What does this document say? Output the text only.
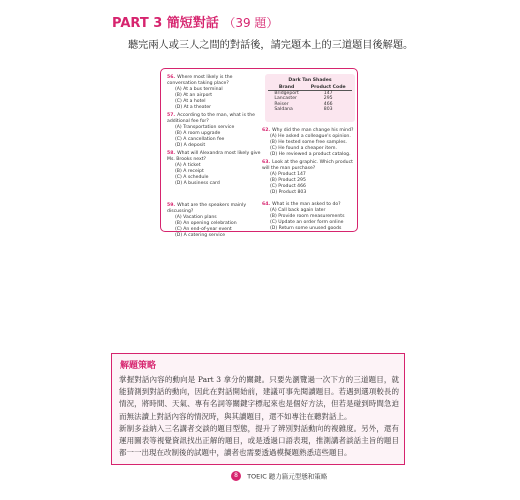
PART 3 簡短對話 （39 題）
聽完兩人或三人之間的對話後，請完題本上的三道題目後解題。
56. Where most likely is the conversation taking place?
(A) At a bus terminal
(B) At an airport
(C) At a hotel
(D) At a theater
57. According to the man, what is the additional fee for?
(A) Transportation service
(B) A room upgrade
(C) A cancellation fee
(D) A deposit
58. What will Alexandra most likely give Ms. Brooks next?
(A) A ticket
(B) A receipt
(C) A schedule
(D) A business card
59. What are the speakers mainly discussing?
(A) Vacation plans
(B) An opening celebration
(C) An end-of-year event
(D) A catering service
Dark Tan Shades
Brand	Product Code
Bridgeport	147
Lancaster	295
Reiser	466
Saldana	803
62. Why did the man change his mind?
(A) He asked a colleague's opinion.
(B) He tested some free samples.
(C) He found a cheaper item.
(D) He reviewed a product catalog.
63. Look at the graphic. Which product will the man purchase?
(A) Product 147
(B) Product 295
(C) Product 466
(D) Product 803
64. What is the man asked to do?
(A) Call back again later
(B) Provide room measurements
(C) Update an order form online
(D) Return some unused goods
解題策略
掌握對話內容的動向是 Part 3 拿分的關鍵。只要先瀏覽過一次下方的三道題目，就能猜測到對話的動向，因此在對話開始前，建議可事先閱讀題目。若遇到選項較長的情況，將時間、天氣、專有名詞等關鍵字標起來也是個好方法，但若是碰到時間急迫而無法讀上對話內容的情況時，與其讀題目，還不如專注在聽對話上。
新制多益納入三名講者交談的題目型態，提升了辨別對話動向的複雜度。另外，還有運用圖表等視覺資訊找出正解的題目，或是透過口語表現，推測講者談話主旨的題目都一一出現在改制後的試題中，讀者也需要透過模擬題熟悉這些題目。
8 TOEIC 聽力篇元型態和策略
